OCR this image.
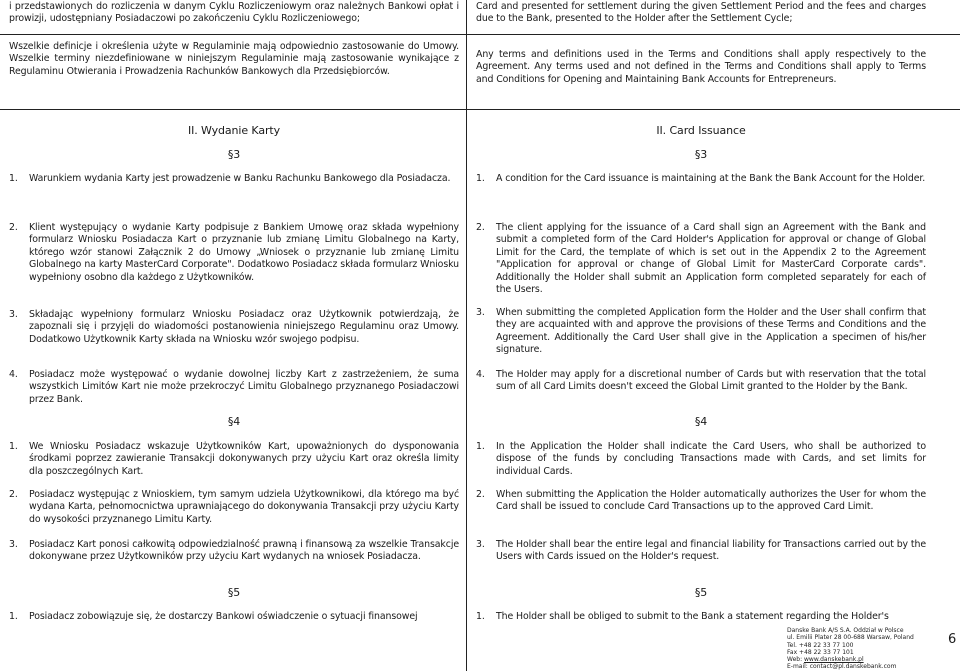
i przedstawionych do rozliczenia w danym Cyklu Rozliczeniowym oraz należnych Bankowi opłat i prowizji, udostępniany Posiadaczowi po zakończeniu Cyklu Rozliczeniowego;

Wszelkie definicje i określenia użyte w Regulaminie mają odpowiednio zastosowanie do Umowy. Wszelkie terminy niezdefiniowane w niniejszym Regulaminie mają zastosowanie wynikające z Regulaminu Otwierania i Prowadzenia Rachunków Bankowych dla Przedsiębiorców.

II. Wydanie Karty
§3
1.	Warunkiem wydania Karty jest prowadzenie w Banku Rachunku Bankowego dla Posiadacza.
2.	Klient występujący o wydanie Karty podpisuje z Bankiem Umowę oraz składa wypełniony formularz Wniosku Posiadacza Kart o przyznanie lub zmianę Limitu Globalnego na Karty, którego wzór stanowi Załącznik 2 do Umowy „Wniosek o przyznanie lub zmianę Limitu Globalnego na karty MasterCard Corporate". Dodatkowo Posiadacz składa formularz Wniosku wypełniony osobno dla każdego z Użytkowników.
3.	Składając wypełniony formularz Wniosku Posiadacz oraz Użytkownik potwierdzają, że zapoznali się i przyjęli do wiadomości postanowienia niniejszego Regulaminu oraz Umowy. Dodatkowo Użytkownik Karty składa na Wniosku wzór swojego podpisu.
4.	Posiadacz może występować o wydanie dowolnej liczby Kart z zastrzeżeniem, że suma wszystkich Limitów Kart nie może przekroczyć Limitu Globalnego przyznanego Posiadaczowi przez Bank.
§4
1.	We Wniosku Posiadacz wskazuje Użytkowników Kart, upoważnionych do dysponowania środkami poprzez zawieranie Transakcji dokonywanych przy użyciu Kart oraz określa limity dla poszczególnych Kart.
2.	Posiadacz występując z Wnioskiem, tym samym udziela Użytkownikowi, dla którego ma być wydana Karta, pełnomocnictwa uprawniającego do dokonywania Transakcji przy użyciu Karty do wysokości przyznanego Limitu Karty.
3.	Posiadacz Kart ponosi całkowitą odpowiedzialność prawną i finansową za wszelkie Transakcje dokonywane przez Użytkowników przy użyciu Kart wydanych na wniosek Posiadacza.
§5
1.	Posiadacz zobowiązuje się, że dostarczy Bankowi oświadczenie o sytuacji finansowej

Card and presented for settlement during the given Settlement Period and the fees and charges due to the Bank, presented to the Holder after the Settlement Cycle;

Any terms and definitions used in the Terms and Conditions shall apply respectively to the Agreement. Any terms used and not defined in the Terms and Conditions shall apply to Terms and Conditions for Opening and Maintaining Bank Accounts for Entrepreneurs.

II. Card Issuance
§3
1.	A condition for the Card issuance is maintaining at the Bank the Bank Account for the Holder.
2.	The client applying for the issuance of a Card shall sign an Agreement with the Bank and submit a completed form of the Card Holder's Application for approval or change of Global Limit for the Card, the template of which is set out in the Appendix 2 to the Agreement "Application for approval or change of Global Limit for MasterCard Corporate cards". Additionally the Holder shall submit an Application form completed separately for each of the Users.
3.	When submitting the completed Application form the Holder and the User shall confirm that they are acquainted with and approve the provisions of these Terms and Conditions and the Agreement. Additionally the Card User shall give in the Application a specimen of his/her signature.
4.	The Holder may apply for a discretional number of Cards but with reservation that the total sum of all Card Limits doesn't exceed the Global Limit granted to the Holder by the Bank.
§4
1.	In the Application the Holder shall indicate the Card Users, who shall be authorized to dispose of the funds by concluding Transactions made with Cards, and set limits for individual Cards.
2.	When submitting the Application the Holder automatically authorizes the User for whom the Card shall be issued to conclude Card Transactions up to the approved Card Limit.
3.	The Holder shall bear the entire legal and financial liability for Transactions carried out by the Users with Cards issued on the Holder's request.
§5
1.	The Holder shall be obliged to submit to the Bank a statement regarding the Holder's
Danske Bank A/S S.A. Oddział w Polsce
ul. Emilii Plater 28 00-688 Warsaw, Poland
Tel. +48 22 33 77 100
Fax +48 22 33 77 101
Web: www.danskebank.pl
E-mail: contact@pl.danskebank.com
6
